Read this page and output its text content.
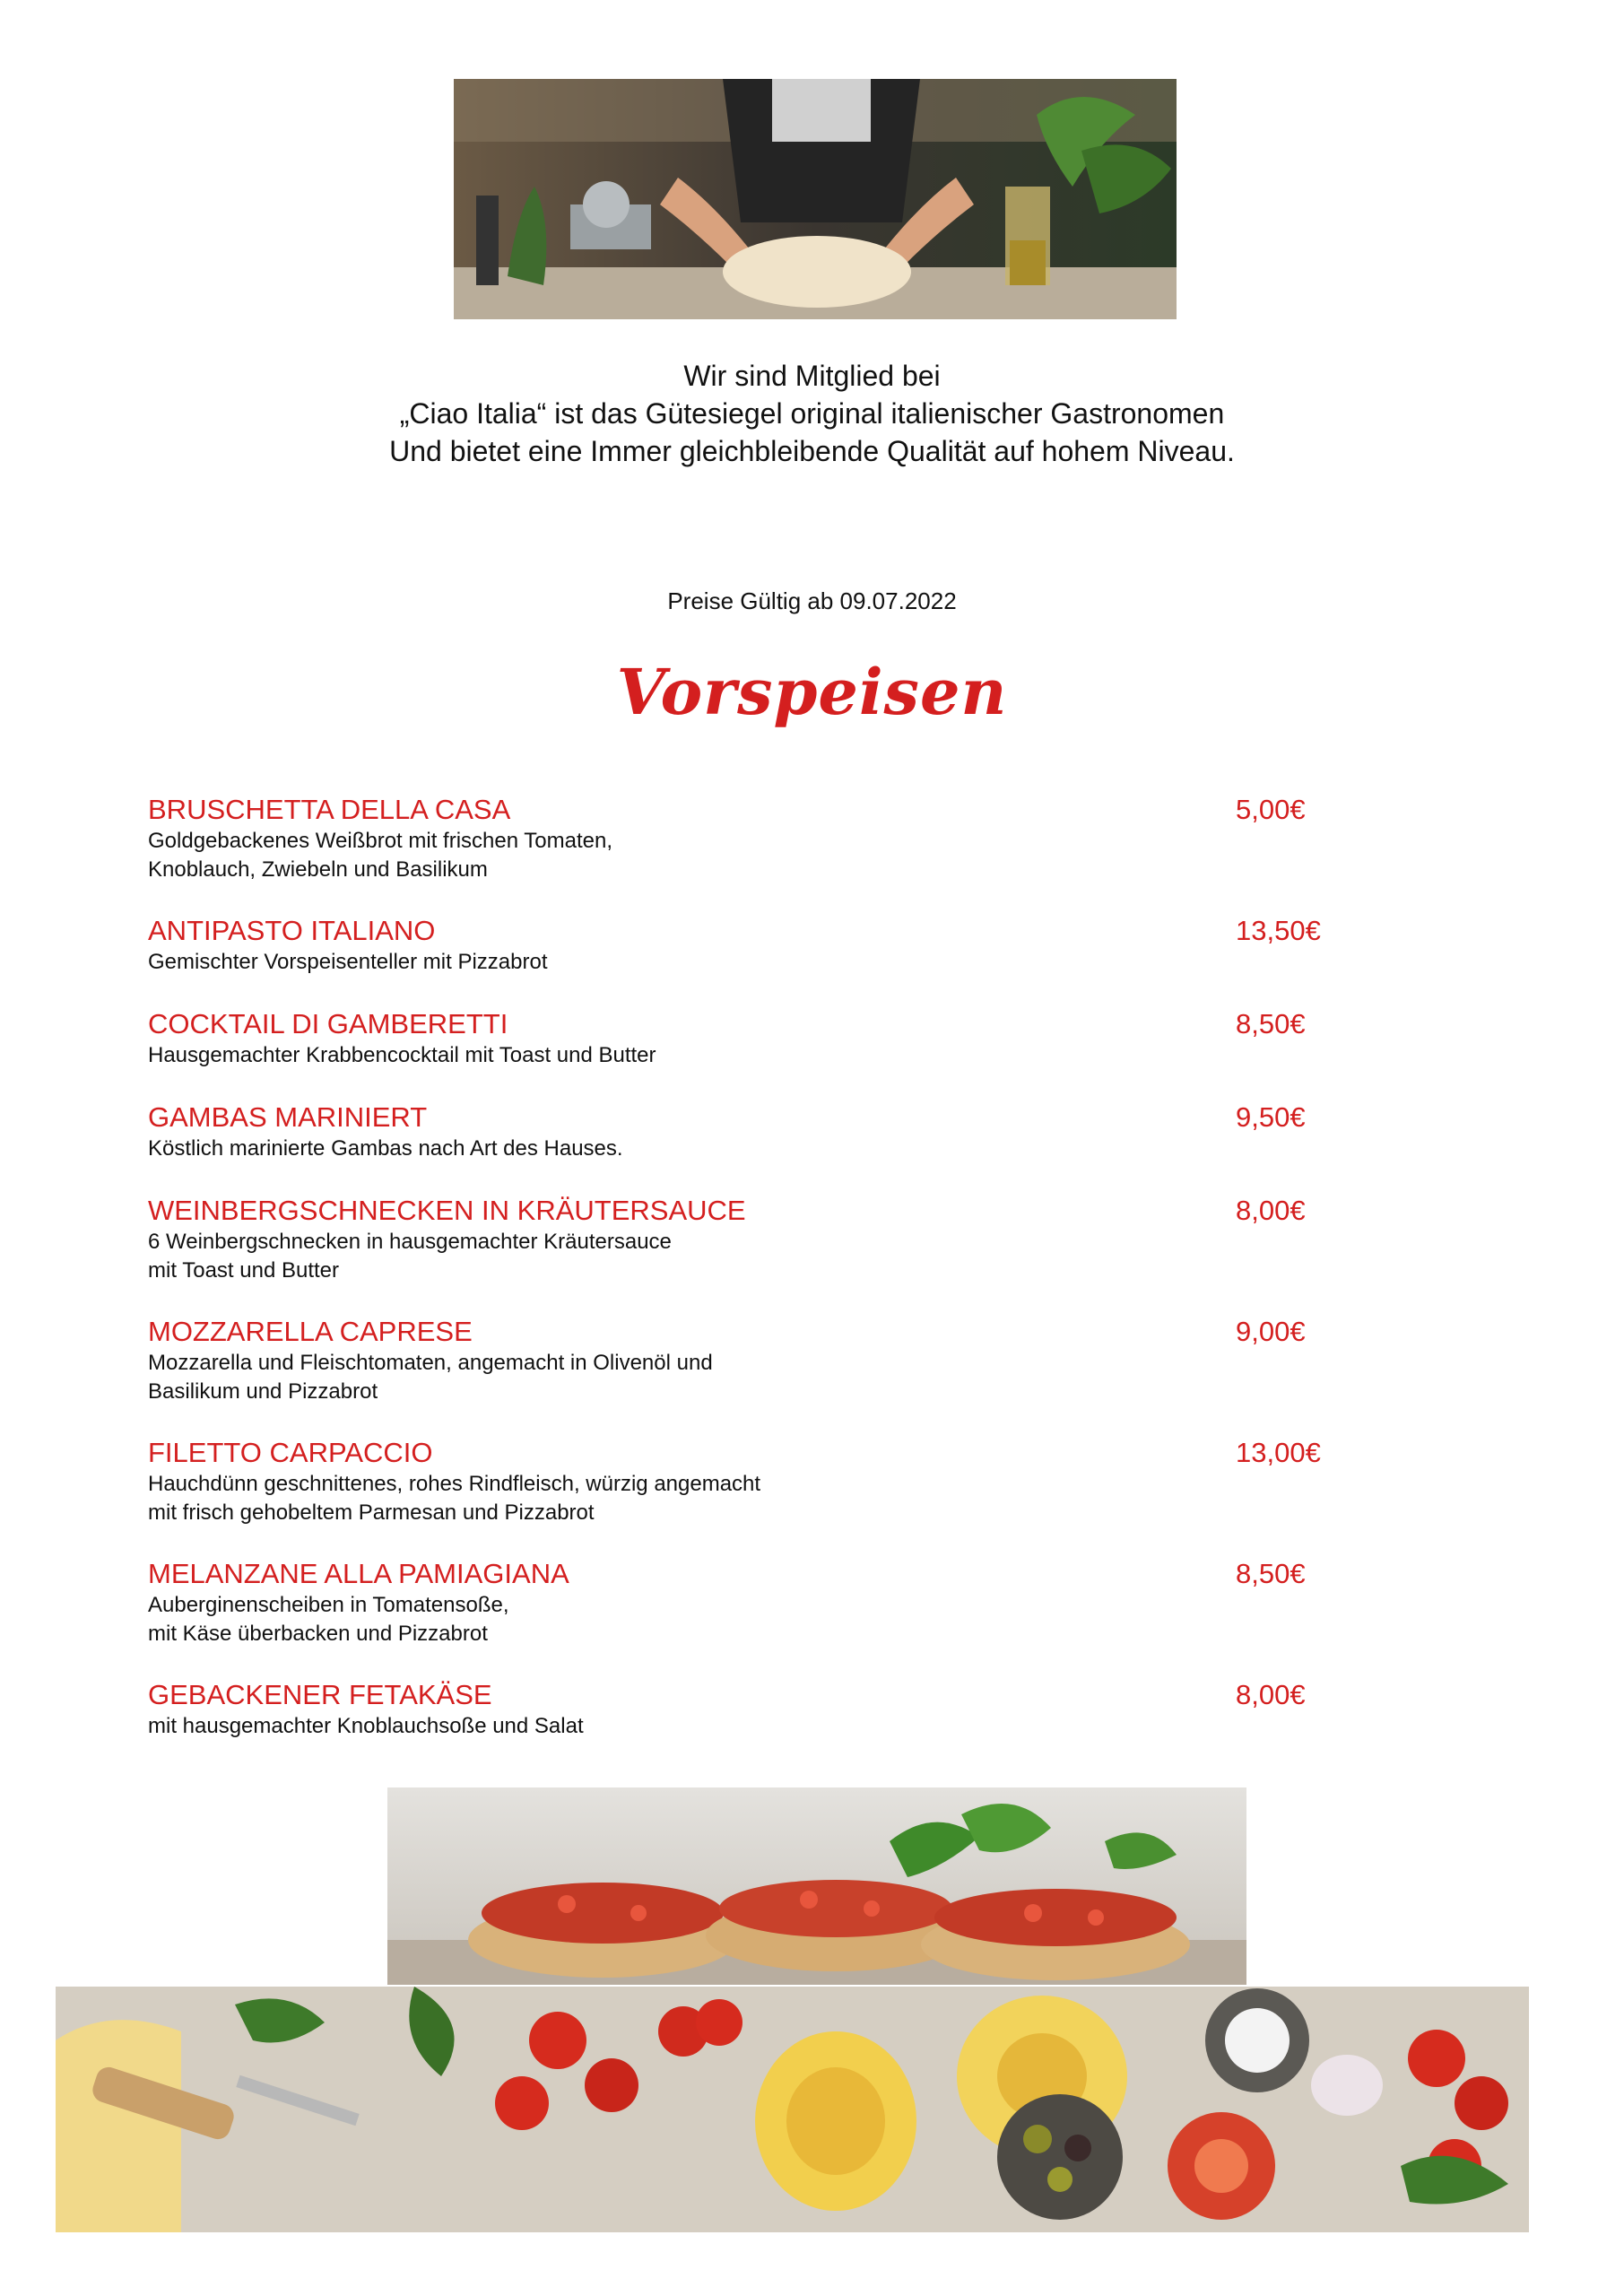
Wir sind Mitglied bei
„Ciao Italia“ ist das Gütesiegel original italienischer Gastronomen
Und bietet eine Immer gleichbleibende Qualität auf hohem Niveau.
Preise Gültig ab 09.07.2022
Vorspeisen
BRUSCHETTA DELLA CASA	5,00€
Goldgebackenes Weißbrot mit frischen Tomaten,
Knoblauch, Zwiebeln und Basilikum
ANTIPASTO ITALIANO	13,50€
Gemischter Vorspeisenteller mit Pizzabrot
COCKTAIL DI GAMBERETTI	8,50€
Hausgemachter Krabbencocktail mit Toast und Butter
GAMBAS MARINIERT	9,50€
Köstlich marinierte Gambas nach Art des Hauses.
WEINBERGSCHNECKEN IN KRÄUTERSAUCE	8,00€
6 Weinbergschnecken in hausgemachter Kräutersauce
mit Toast und Butter
MOZZARELLA CAPRESE	9,00€
Mozzarella und Fleischtomaten, angemacht in Olivenöl und
Basilikum und Pizzabrot
FILETTO CARPACCIO	13,00€
Hauchdünn geschnittenes, rohes Rindfleisch, würzig angemacht
mit frisch gehobeltem Parmesan und Pizzabrot
MELANZANE ALLA PAMIAGIANA	8,50€
Auberginenscheiben in Tomatensoße,
mit Käse überbacken und Pizzabrot
GEBACKENER FETAKÄSE	8,00€
mit hausgemachter Knoblauchsoße und Salat
